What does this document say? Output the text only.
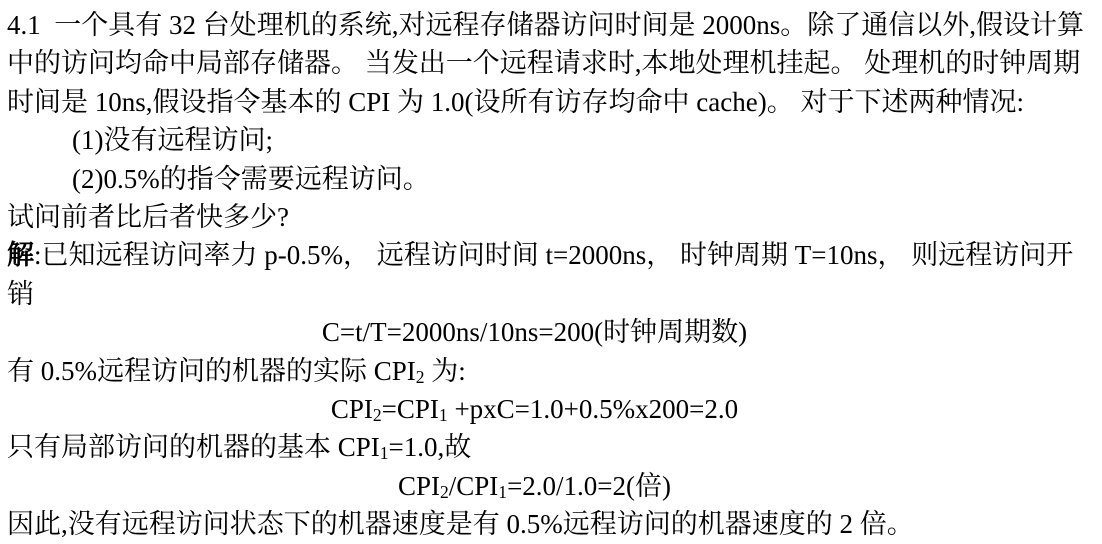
4.1  一个具有 32 台处理机的系统,对远程存储器访问时间是 2000ns。除了通信以外,假设计算
中的访问均命中局部存储器。 当发出一个远程请求时,本地处理机挂起。 处理机的时钟周期
时间是 10ns,假设指令基本的 CPI 为 1.0(设所有访存均命中 cache)。 对于下述两种情况:
(1)没有远程访问;
(2)0.5%的指令需要远程访问。
试问前者比后者快多少?
解:已知远程访问率力 p-0.5%， 远程访问时间 t=2000ns， 时钟周期 T=10ns， 则远程访问开销
C=t/T=2000ns/10ns=200(时钟周期数)
有 0.5%远程访问的机器的实际 $CPI_2$ 为:
$CPI_2=CPI_1 +pxC=1.0+0.5\%x200=2.0$
只有局部访问的机器的基本 $CPI_1=1.0$,故
$CPI_2/CPI_1=2.0/1.0=2$(倍)
因此,没有远程访问状态下的机器速度是有 0.5%远程访问的机器速度的 2 倍。
